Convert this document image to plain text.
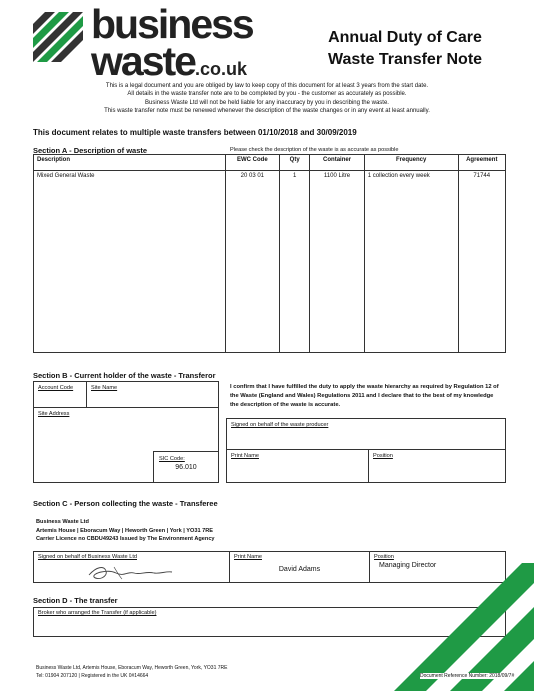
business
waste.co.uk
Annual Duty of Care
Waste Transfer Note
This is a legal document and you are obliged by law to keep copy of this document for at least 3 years from the start date.
All details in the waste transfer note are to be completed by you - the customer as accurately as possible.
Business Waste Ltd will not be held liable for any inaccuracy by you in describing the waste.
This waste transfer note must be renewed whenever the description of the waste changes or in any event at least annually.
This document relates to multiple waste transfers between 01/10/2018 and 30/09/2019
Section A - Description of waste	Please check the description of the waste is as accurate as possible
Description	EWC Code	Qty	Container	Frequency	Agreement
Mixed General Waste	20 03 01	1	1100 Litre	1 collection every week	71744
Section B - Current holder of the waste - Transferor
Account Code	Site Name
Site Address
SIC Code:
96.010
I confirm that I have fulfilled the duty to apply the waste hierarchy as required by Regulation 12 of the Waste (England and Wales) Regulations 2011 and I declare that to the best of my knowledge the description of the waste is accurate.
Signed on behalf of the waste producer
Print Name	Position
Section C - Person collecting the waste - Transferee
Business Waste Ltd
Artemis House | Eboracum Way | Heworth Green | York | YO31 7RE
Carrier Licence no CBDU49243 Issued by The Environment Agency
Signed on behalf of Business Waste Ltd	Print Name
David Adams
Position
Managing Director
Section D - The transfer
Broker who arranged the Transfer (if applicable)
Business Waste Ltd, Artemis House, Eboracum Way, Heworth Green, York, YO31 7RE
Tel: 01904 207120 | Registered in the UK 0#14664	Document Reference Number: 2018/09/7#
